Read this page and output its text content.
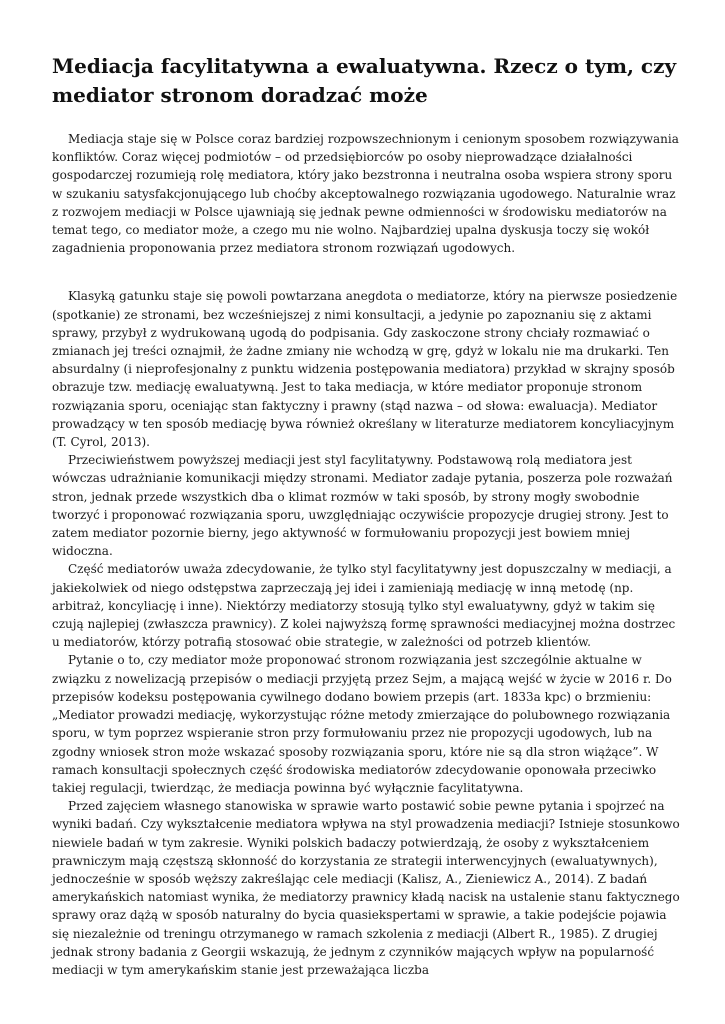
Mediacja facylitatywna a ewaluatywna. Rzecz o tym, czy mediator stronom doradzać może

Mediacja staje się w Polsce coraz bardziej rozpowszechnionym i cenionym sposobem rozwiązywania konfliktów. Coraz więcej podmiotów – od przedsiębiorców po osoby nieprowadzące działalności gospodarczej rozumieją rolę mediatora, który jako bezstronna i neutralna osoba wspiera strony sporu w szukaniu satysfakcjonującego lub choćby akceptowalnego rozwiązania ugodowego. Naturalnie wraz z rozwojem mediacji w Polsce ujawniają się jednak pewne odmienności w środowisku mediatorów na temat tego, co mediator może, a czego mu nie wolno. Najbardziej upalna dyskusja toczy się wokół zagadnienia proponowania przez mediatora stronom rozwiązań ugodowych.

Klasyką gatunku staje się powoli powtarzana anegdota o mediatorze, który na pierwsze posiedzenie (spotkanie) ze stronami, bez wcześniejszej z nimi konsultacji, a jedynie po zapoznaniu się z aktami sprawy, przybył z wydrukowaną ugodą do podpisania. Gdy zaskoczone strony chciały rozmawiać o zmianach jej treści oznajmił, że żadne zmiany nie wchodzą w grę, gdyż w lokalu nie ma drukarki. Ten absurdalny (i nieprofesjonalny z punktu widzenia postępowania mediatora) przykład w skrajny sposób obrazuje tzw. mediację ewaluatywną. Jest to taka mediacja, w które mediator proponuje stronom rozwiązania sporu, oceniając stan faktyczny i prawny (stąd nazwa – od słowa: ewaluacja). Mediator prowadzący w ten sposób mediację bywa również określany w literaturze mediatorem koncyliacyjnym (T. Cyrol, 2013).

Przeciwieństwem powyższej mediacji jest styl facylitatywny. Podstawową rolą mediatora jest wówczas udrażnianie komunikacji między stronami. Mediator zadaje pytania, poszerza pole rozważań stron, jednak przede wszystkich dba o klimat rozmów w taki sposób, by strony mogły swobodnie tworzyć i proponować rozwiązania sporu, uwzględniając oczywiście propozycje drugiej strony. Jest to zatem mediator pozornie bierny, jego aktywność w formułowaniu propozycji jest bowiem mniej widoczna.

Część mediatorów uważa zdecydowanie, że tylko styl facylitatywny jest dopuszczalny w mediacji, a jakiekolwiek od niego odstępstwa zaprzeczają jej idei i zamieniają mediację w inną metodę (np. arbitraż, koncyliację i inne). Niektórzy mediatorzy stosują tylko styl ewaluatywny, gdyż w takim się czują najlepiej (zwłaszcza prawnicy). Z kolei najwyższą formę sprawności mediacyjnej można dostrzec u mediatorów, którzy potrafią stosować obie strategie, w zależności od potrzeb klientów.

Pytanie o to, czy mediator może proponować stronom rozwiązania jest szczególnie aktualne w związku z nowelizacją przepisów o mediacji przyjętą przez Sejm, a mającą wejść w życie w 2016 r. Do przepisów kodeksu postępowania cywilnego dodano bowiem przepis (art. 1833a kpc) o brzmieniu: „Mediator prowadzi mediację, wykorzystując różne metody zmierzające do polubownego rozwiązania sporu, w tym poprzez wspieranie stron przy formułowaniu przez nie propozycji ugodowych, lub na zgodny wniosek stron może wskazać sposoby rozwiązania sporu, które nie są dla stron wiążące”. W ramach konsultacji społecznych część środowiska mediatorów zdecydowanie oponowała przeciwko takiej regulacji, twierdząc, że mediacja powinna być wyłącznie facylitatywna.

Przed zajęciem własnego stanowiska w sprawie warto postawić sobie pewne pytania i spojrzeć na wyniki badań. Czy wykształcenie mediatora wpływa na styl prowadzenia mediacji? Istnieje stosunkowo niewiele badań w tym zakresie. Wyniki polskich badaczy potwierdzają, że osoby z wykształceniem prawniczym mają częstszą skłonność do korzystania ze strategii interwencyjnych (ewaluatywnych), jednocześnie w sposób węższy zakreślając cele mediacji (Kalisz, A., Zieniewicz A., 2014). Z badań amerykańskich natomiast wynika, że mediatorzy prawnicy kładą nacisk na ustalenie stanu faktycznego sprawy oraz dążą w sposób naturalny do bycia quasiekspertami w sprawie, a takie podejście pojawia się niezależnie od treningu otrzymanego w ramach szkolenia z mediacji (Albert R., 1985). Z drugiej jednak strony badania z Georgii wskazują, że jednym z czynników mających wpływ na popularność mediacji w tym amerykańskim stanie jest przeważająca liczba
